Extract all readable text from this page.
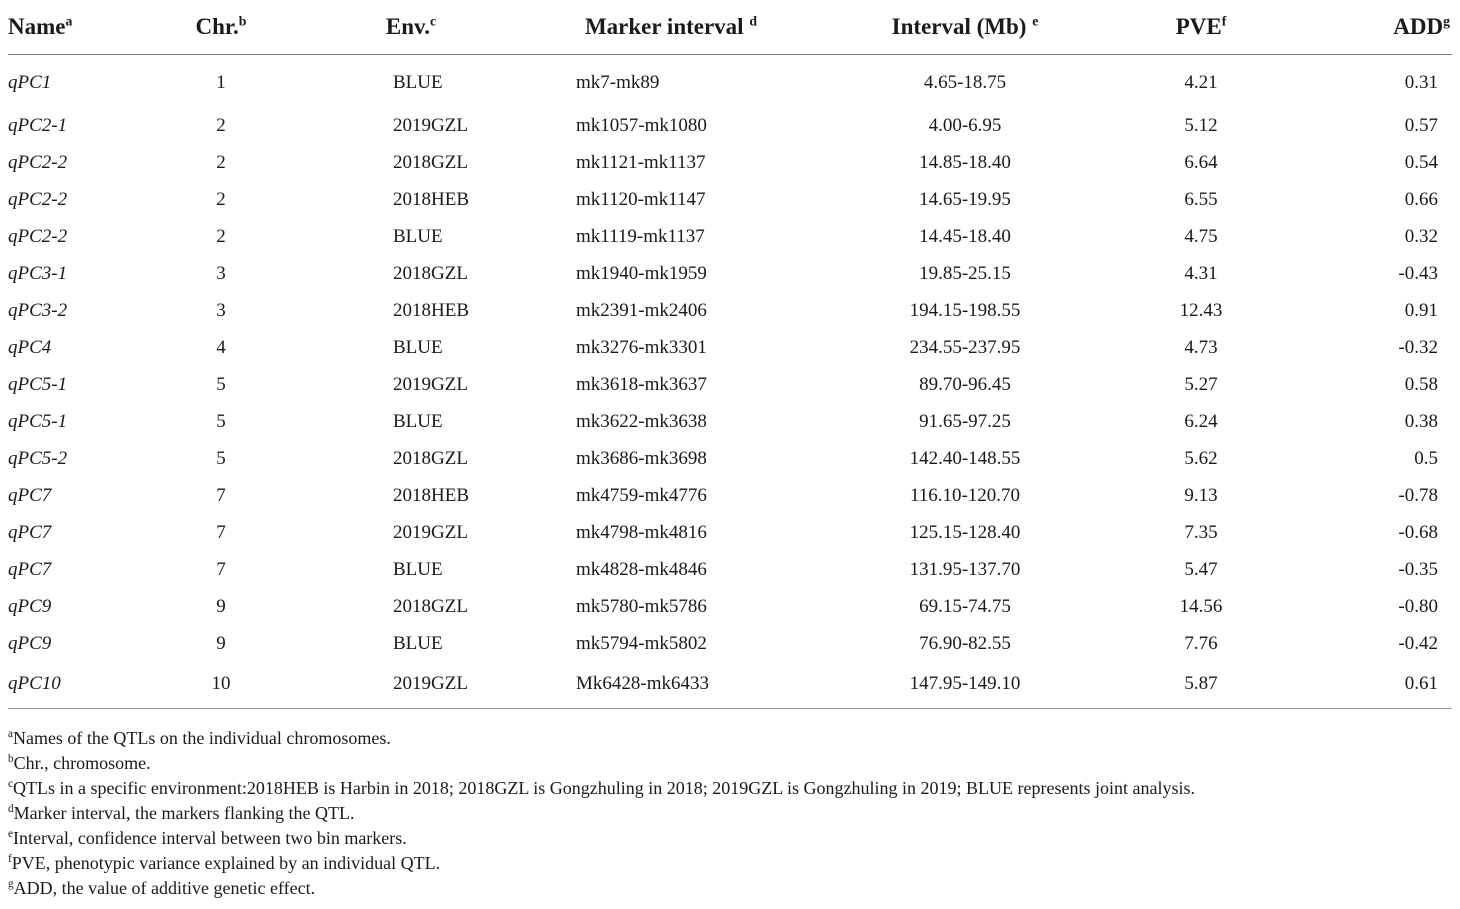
Name$^a$	Chr.$^b$	Env.$^c$	Marker interval $^d$	Interval (Mb) $^e$	PVE$^f$	ADD$^g$
qPC1	1	BLUE	mk7-mk89	4.65-18.75	4.21	0.31
qPC2-1	2	2019GZL	mk1057-mk1080	4.00-6.95	5.12	0.57
qPC2-2	2	2018GZL	mk1121-mk1137	14.85-18.40	6.64	0.54
qPC2-2	2	2018HEB	mk1120-mk1147	14.65-19.95	6.55	0.66
qPC2-2	2	BLUE	mk1119-mk1137	14.45-18.40	4.75	0.32
qPC3-1	3	2018GZL	mk1940-mk1959	19.85-25.15	4.31	-0.43
qPC3-2	3	2018HEB	mk2391-mk2406	194.15-198.55	12.43	0.91
qPC4	4	BLUE	mk3276-mk3301	234.55-237.95	4.73	-0.32
qPC5-1	5	2019GZL	mk3618-mk3637	89.70-96.45	5.27	0.58
qPC5-1	5	BLUE	mk3622-mk3638	91.65-97.25	6.24	0.38
qPC5-2	5	2018GZL	mk3686-mk3698	142.40-148.55	5.62	0.5
qPC7	7	2018HEB	mk4759-mk4776	116.10-120.70	9.13	-0.78
qPC7	7	2019GZL	mk4798-mk4816	125.15-128.40	7.35	-0.68
qPC7	7	BLUE	mk4828-mk4846	131.95-137.70	5.47	-0.35
qPC9	9	2018GZL	mk5780-mk5786	69.15-74.75	14.56	-0.80
qPC9	9	BLUE	mk5794-mk5802	76.90-82.55	7.76	-0.42
qPC10	10	2019GZL	Mk6428-mk6433	147.95-149.10	5.87	0.61
$^a$Names of the QTLs on the individual chromosomes.
$^b$Chr., chromosome.
$^c$QTLs in a specific environment:2018HEB is Harbin in 2018; 2018GZL is Gongzhuling in 2018; 2019GZL is Gongzhuling in 2019; BLUE represents joint analysis.
$^d$Marker interval, the markers flanking the QTL.
$^e$Interval, confidence interval between two bin markers.
$^f$PVE, phenotypic variance explained by an individual QTL.
$^g$ADD, the value of additive genetic effect.
